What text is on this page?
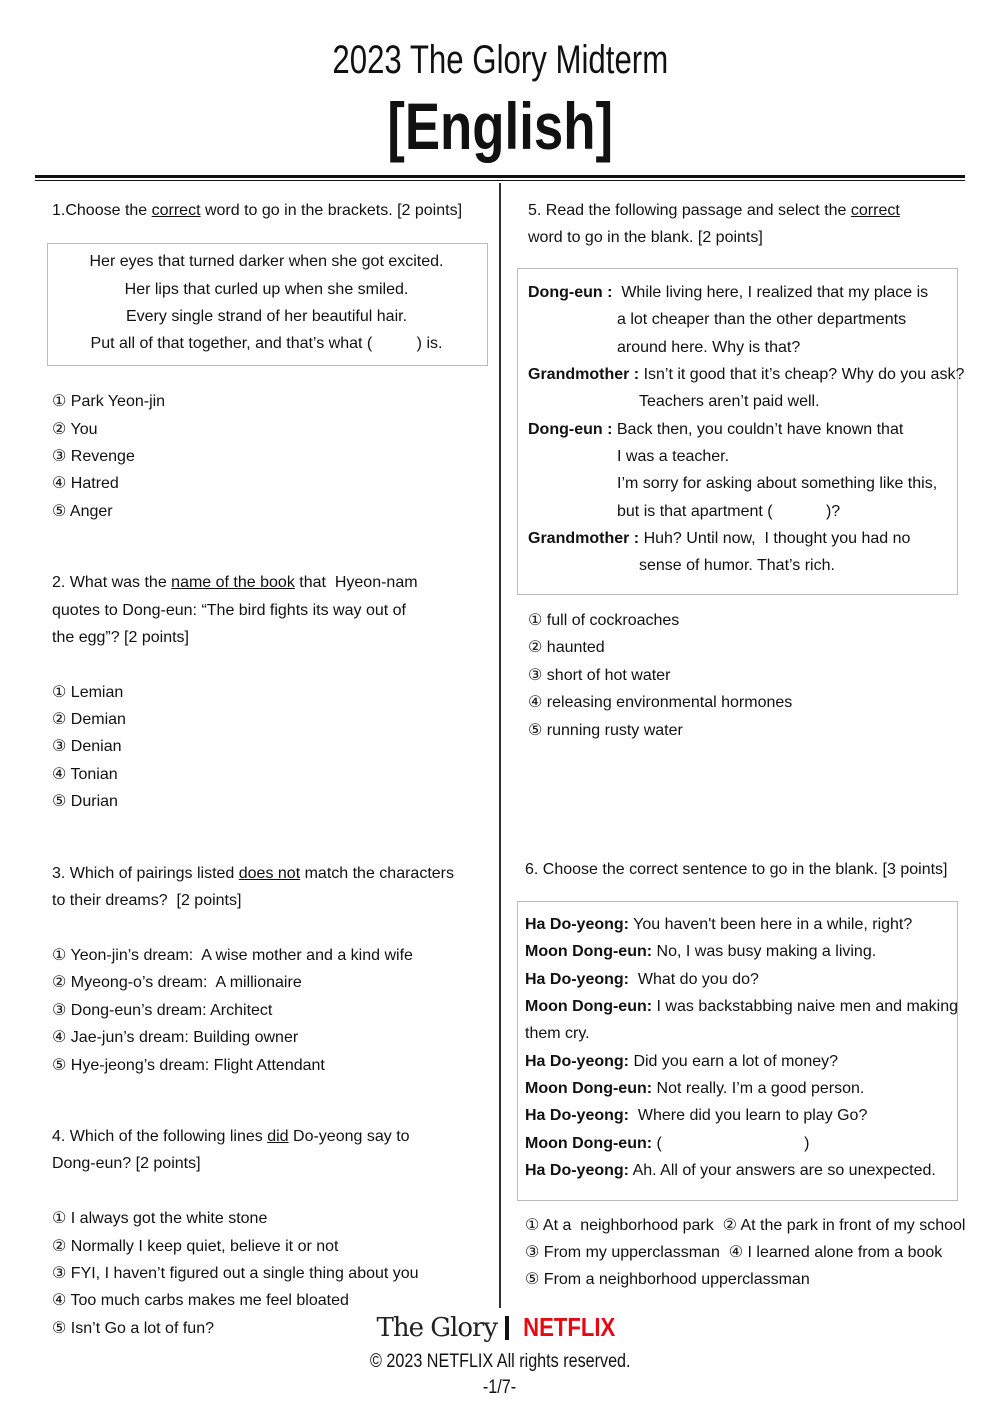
2023 The Glory Midterm
[English]
1.Choose the correct word to go in the brackets. [2 points]
Her eyes that turned darker when she got excited.
Her lips that curled up when she smiled.
Every single strand of her beautiful hair.
Put all of that together, and that’s what (          ) is.
① Park Yeon-jin
② You
③ Revenge
④ Hatred
⑤ Anger
2. What was the name of the book that  Hyeon-nam
quotes to Dong-eun: “The bird fights its way out of
the egg”? [2 points]
① Lemian
② Demian
③ Denian
④ Tonian
⑤ Durian
3. Which of pairings listed does not match the characters
to their dreams?  [2 points]
① Yeon-jin’s dream:  A wise mother and a kind wife
② Myeong-o’s dream:  A millionaire
③ Dong-eun’s dream: Architect
④ Jae-jun’s dream: Building owner
⑤ Hye-jeong’s dream: Flight Attendant
4. Which of the following lines did Do-yeong say to
Dong-eun? [2 points]
① I always got the white stone
② Normally I keep quiet, believe it or not
③ FYI, I haven’t figured out a single thing about you
④ Too much carbs makes me feel bloated
⑤ Isn’t Go a lot of fun?
5. Read the following passage and select the correct
word to go in the blank. [2 points]
Dong-eun :  While living here, I realized that my place is
a lot cheaper than the other departments
around here. Why is that?
Grandmother : Isn’t it good that it’s cheap? Why do you ask?
Teachers aren’t paid well.
Dong-eun : Back then, you couldn’t have known that
I was a teacher.
I’m sorry for asking about something like this,
but is that apartment (            )?
Grandmother : Huh? Until now,  I thought you had no
sense of humor. That’s rich.
① full of cockroaches
② haunted
③ short of hot water
④ releasing environmental hormones
⑤ running rusty water
6. Choose the correct sentence to go in the blank. [3 points]
Ha Do-yeong: You haven't been here in a while, right?
Moon Dong-eun: No, I was busy making a living.
Ha Do-yeong:  What do you do?
Moon Dong-eun: I was backstabbing naive men and making
them cry.
Ha Do-yeong: Did you earn a lot of money?
Moon Dong-eun: Not really. I’m a good person.
Ha Do-yeong:  Where did you learn to play Go?
Moon Dong-eun: (                                )
Ha Do-yeong: Ah. All of your answers are so unexpected.
① At a  neighborhood park  ② At the park in front of my school
③ From my upperclassman  ④ I learned alone from a book
⑤ From a neighborhood upperclassman
The Glory NETFLIX
© 2023 NETFLIX All rights reserved.
-1/7-
